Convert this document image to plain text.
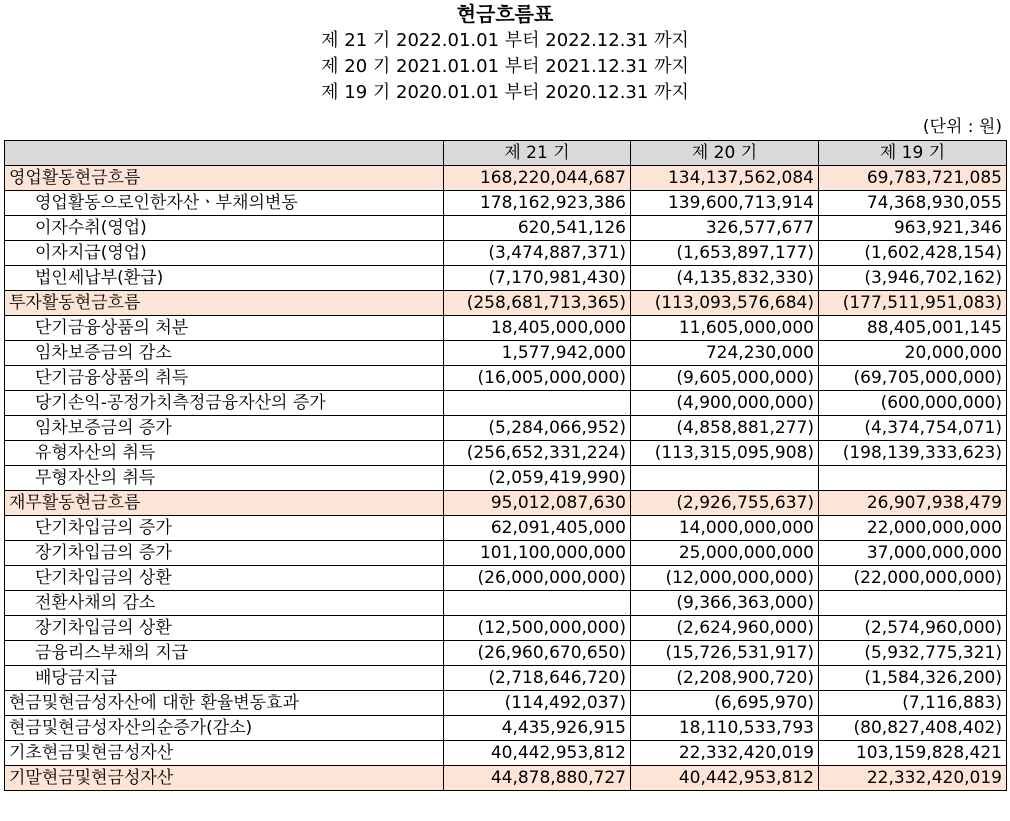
현금흐름표
제 21 기 2022.01.01 부터 2022.12.31 까지
제 20 기 2021.01.01 부터 2021.12.31 까지
제 19 기 2020.01.01 부터 2020.12.31 까지
(단위 : 원)
	제 21 기	제 20 기	제 19 기
영업활동현금흐름	168,220,044,687	134,137,562,084	69,783,721,085
영업활동으로인한자산ㆍ부채의변동	178,162,923,386	139,600,713,914	74,368,930,055
이자수취(영업)	620,541,126	326,577,677	963,921,346
이자지급(영업)	(3,474,887,371)	(1,653,897,177)	(1,602,428,154)
법인세납부(환급)	(7,170,981,430)	(4,135,832,330)	(3,946,702,162)
투자활동현금흐름	(258,681,713,365)	(113,093,576,684)	(177,511,951,083)
단기금융상품의 처분	18,405,000,000	11,605,000,000	88,405,001,145
임차보증금의 감소	1,577,942,000	724,230,000	20,000,000
단기금융상품의 취득	(16,005,000,000)	(9,605,000,000)	(69,705,000,000)
당기손익-공정가치측정금융자산의 증가		(4,900,000,000)	(600,000,000)
임차보증금의 증가	(5,284,066,952)	(4,858,881,277)	(4,374,754,071)
유형자산의 취득	(256,652,331,224)	(113,315,095,908)	(198,139,333,623)
무형자산의 취득	(2,059,419,990)		
재무활동현금흐름	95,012,087,630	(2,926,755,637)	26,907,938,479
단기차입금의 증가	62,091,405,000	14,000,000,000	22,000,000,000
장기차입금의 증가	101,100,000,000	25,000,000,000	37,000,000,000
단기차입금의 상환	(26,000,000,000)	(12,000,000,000)	(22,000,000,000)
전환사채의 감소		(9,366,363,000)	
장기차입금의 상환	(12,500,000,000)	(2,624,960,000)	(2,574,960,000)
금융리스부채의 지급	(26,960,670,650)	(15,726,531,917)	(5,932,775,321)
배당금지급	(2,718,646,720)	(2,208,900,720)	(1,584,326,200)
현금및현금성자산에 대한 환율변동효과	(114,492,037)	(6,695,970)	(7,116,883)
현금및현금성자산의순증가(감소)	4,435,926,915	18,110,533,793	(80,827,408,402)
기초현금및현금성자산	40,442,953,812	22,332,420,019	103,159,828,421
기말현금및현금성자산	44,878,880,727	40,442,953,812	22,332,420,019
